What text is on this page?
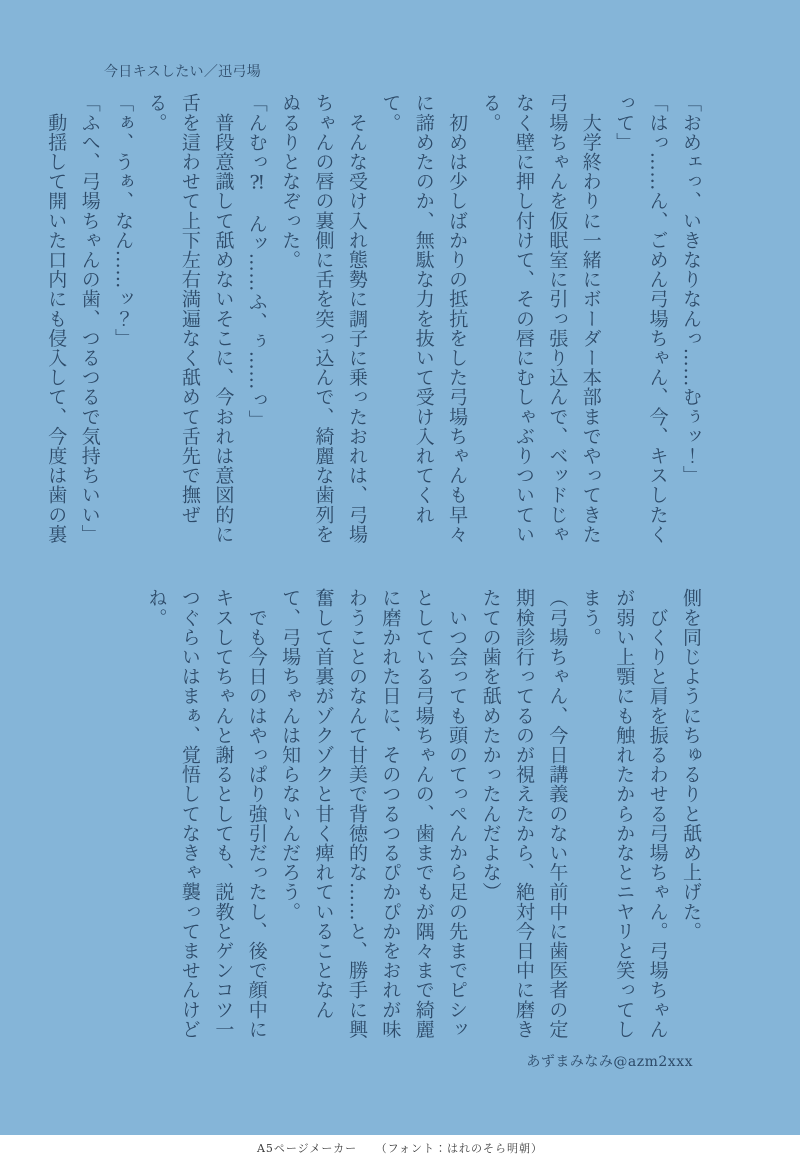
今日キスしたい／迅弓場

「おめェっ、いきなりなんっ……むぅッ！」

「はっ……ん、ごめん弓場ちゃん、今、キスしたくって」

　大学終わりに一緒にボーダー本部までやってきた弓場ちゃんを仮眠室に引っ張り込んで、ベッドじゃなく壁に押し付けて、その唇にむしゃぶりついている。

　初めは少しばかりの抵抗をした弓場ちゃんも早々に諦めたのか、無駄な力を抜いて受け入れてくれて。

　そんな受け入れ態勢に調子に乗ったおれは、弓場ちゃんの唇の裏側に舌を突っ込んで、綺麗な歯列をぬるりとなぞった。

「んむっ⁈　んッ……ふ、ぅ……っ」

　普段意識して舐めないそこに、今おれは意図的に舌を這わせて上下左右満遍なく舐めて舌先で撫ぜる。

「ぁ、うぁ、なん……ッ？」

「ふへ、弓場ちゃんの歯、つるつるで気持ちいい」

　動揺して開いた口内にも侵入して、今度は歯の裏

側を同じようにちゅるりと舐め上げた。

　びくりと肩を振るわせる弓場ちゃん。弓場ちゃんが弱い上顎にも触れたからかなとニヤリと笑ってしまう。

（弓場ちゃん、今日講義のない午前中に歯医者の定期検診行ってるのが視えたから、絶対今日中に磨きたての歯を舐めたかったんだよな）

　いつ会っても頭のてっぺんから足の先までピシッとしている弓場ちゃんの、歯までもが隅々まで綺麗に磨かれた日に、そのつるつるぴかぴかをおれが味わうことのなんて甘美で背徳的な……と、勝手に興奮して首裏がゾクゾクと甘く痺れていることなんて、弓場ちゃんは知らないんだろう。

　でも今日のはやっぱり強引だったし、後で顔中にキスしてちゃんと謝るとしても、説教とゲンコツ一つぐらいはまぁ、覚悟してなきゃ襲ってませんけどね。

あずまみなみ@azm2xxx
A5ページメーカー　　（フォント：はれのそら明朝）
